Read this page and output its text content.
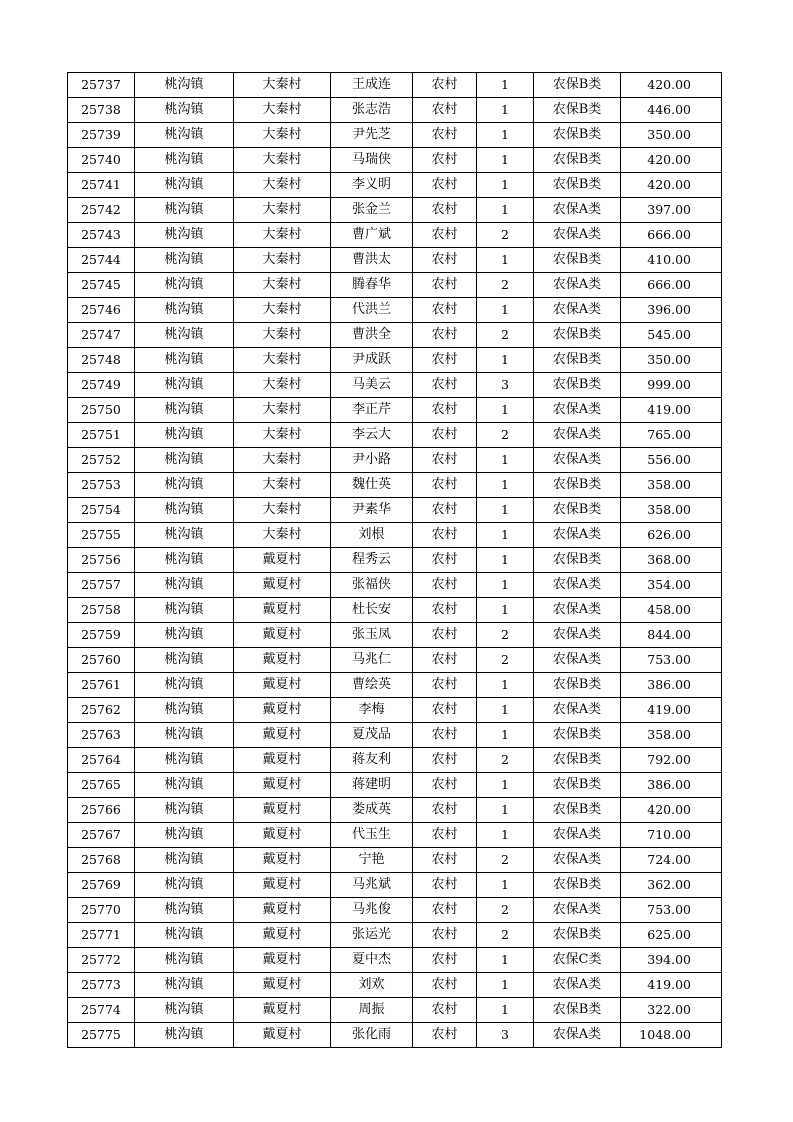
25737	桃沟镇	大秦村	王成连	农村	1	农保B类	420.00
25738	桃沟镇	大秦村	张志浩	农村	1	农保B类	446.00
25739	桃沟镇	大秦村	尹先芝	农村	1	农保B类	350.00
25740	桃沟镇	大秦村	马瑞侠	农村	1	农保B类	420.00
25741	桃沟镇	大秦村	李义明	农村	1	农保B类	420.00
25742	桃沟镇	大秦村	张金兰	农村	1	农保A类	397.00
25743	桃沟镇	大秦村	曹广斌	农村	2	农保A类	666.00
25744	桃沟镇	大秦村	曹洪太	农村	1	农保B类	410.00
25745	桃沟镇	大秦村	腾春华	农村	2	农保A类	666.00
25746	桃沟镇	大秦村	代洪兰	农村	1	农保A类	396.00
25747	桃沟镇	大秦村	曹洪全	农村	2	农保B类	545.00
25748	桃沟镇	大秦村	尹成跃	农村	1	农保B类	350.00
25749	桃沟镇	大秦村	马美云	农村	3	农保B类	999.00
25750	桃沟镇	大秦村	李正芹	农村	1	农保A类	419.00
25751	桃沟镇	大秦村	李云大	农村	2	农保A类	765.00
25752	桃沟镇	大秦村	尹小路	农村	1	农保A类	556.00
25753	桃沟镇	大秦村	魏仕英	农村	1	农保B类	358.00
25754	桃沟镇	大秦村	尹素华	农村	1	农保B类	358.00
25755	桃沟镇	大秦村	刘根	农村	1	农保A类	626.00
25756	桃沟镇	戴夏村	程秀云	农村	1	农保B类	368.00
25757	桃沟镇	戴夏村	张福侠	农村	1	农保A类	354.00
25758	桃沟镇	戴夏村	杜长安	农村	1	农保A类	458.00
25759	桃沟镇	戴夏村	张玉凤	农村	2	农保A类	844.00
25760	桃沟镇	戴夏村	马兆仁	农村	2	农保A类	753.00
25761	桃沟镇	戴夏村	曹绘英	农村	1	农保B类	386.00
25762	桃沟镇	戴夏村	李梅	农村	1	农保A类	419.00
25763	桃沟镇	戴夏村	夏茂品	农村	1	农保B类	358.00
25764	桃沟镇	戴夏村	蒋友利	农村	2	农保B类	792.00
25765	桃沟镇	戴夏村	蒋建明	农村	1	农保B类	386.00
25766	桃沟镇	戴夏村	娄成英	农村	1	农保B类	420.00
25767	桃沟镇	戴夏村	代玉生	农村	1	农保A类	710.00
25768	桃沟镇	戴夏村	宁艳	农村	2	农保A类	724.00
25769	桃沟镇	戴夏村	马兆斌	农村	1	农保B类	362.00
25770	桃沟镇	戴夏村	马兆俊	农村	2	农保A类	753.00
25771	桃沟镇	戴夏村	张运光	农村	2	农保B类	625.00
25772	桃沟镇	戴夏村	夏中杰	农村	1	农保C类	394.00
25773	桃沟镇	戴夏村	刘欢	农村	1	农保A类	419.00
25774	桃沟镇	戴夏村	周振	农村	1	农保B类	322.00
25775	桃沟镇	戴夏村	张化雨	农村	3	农保A类	1048.00
